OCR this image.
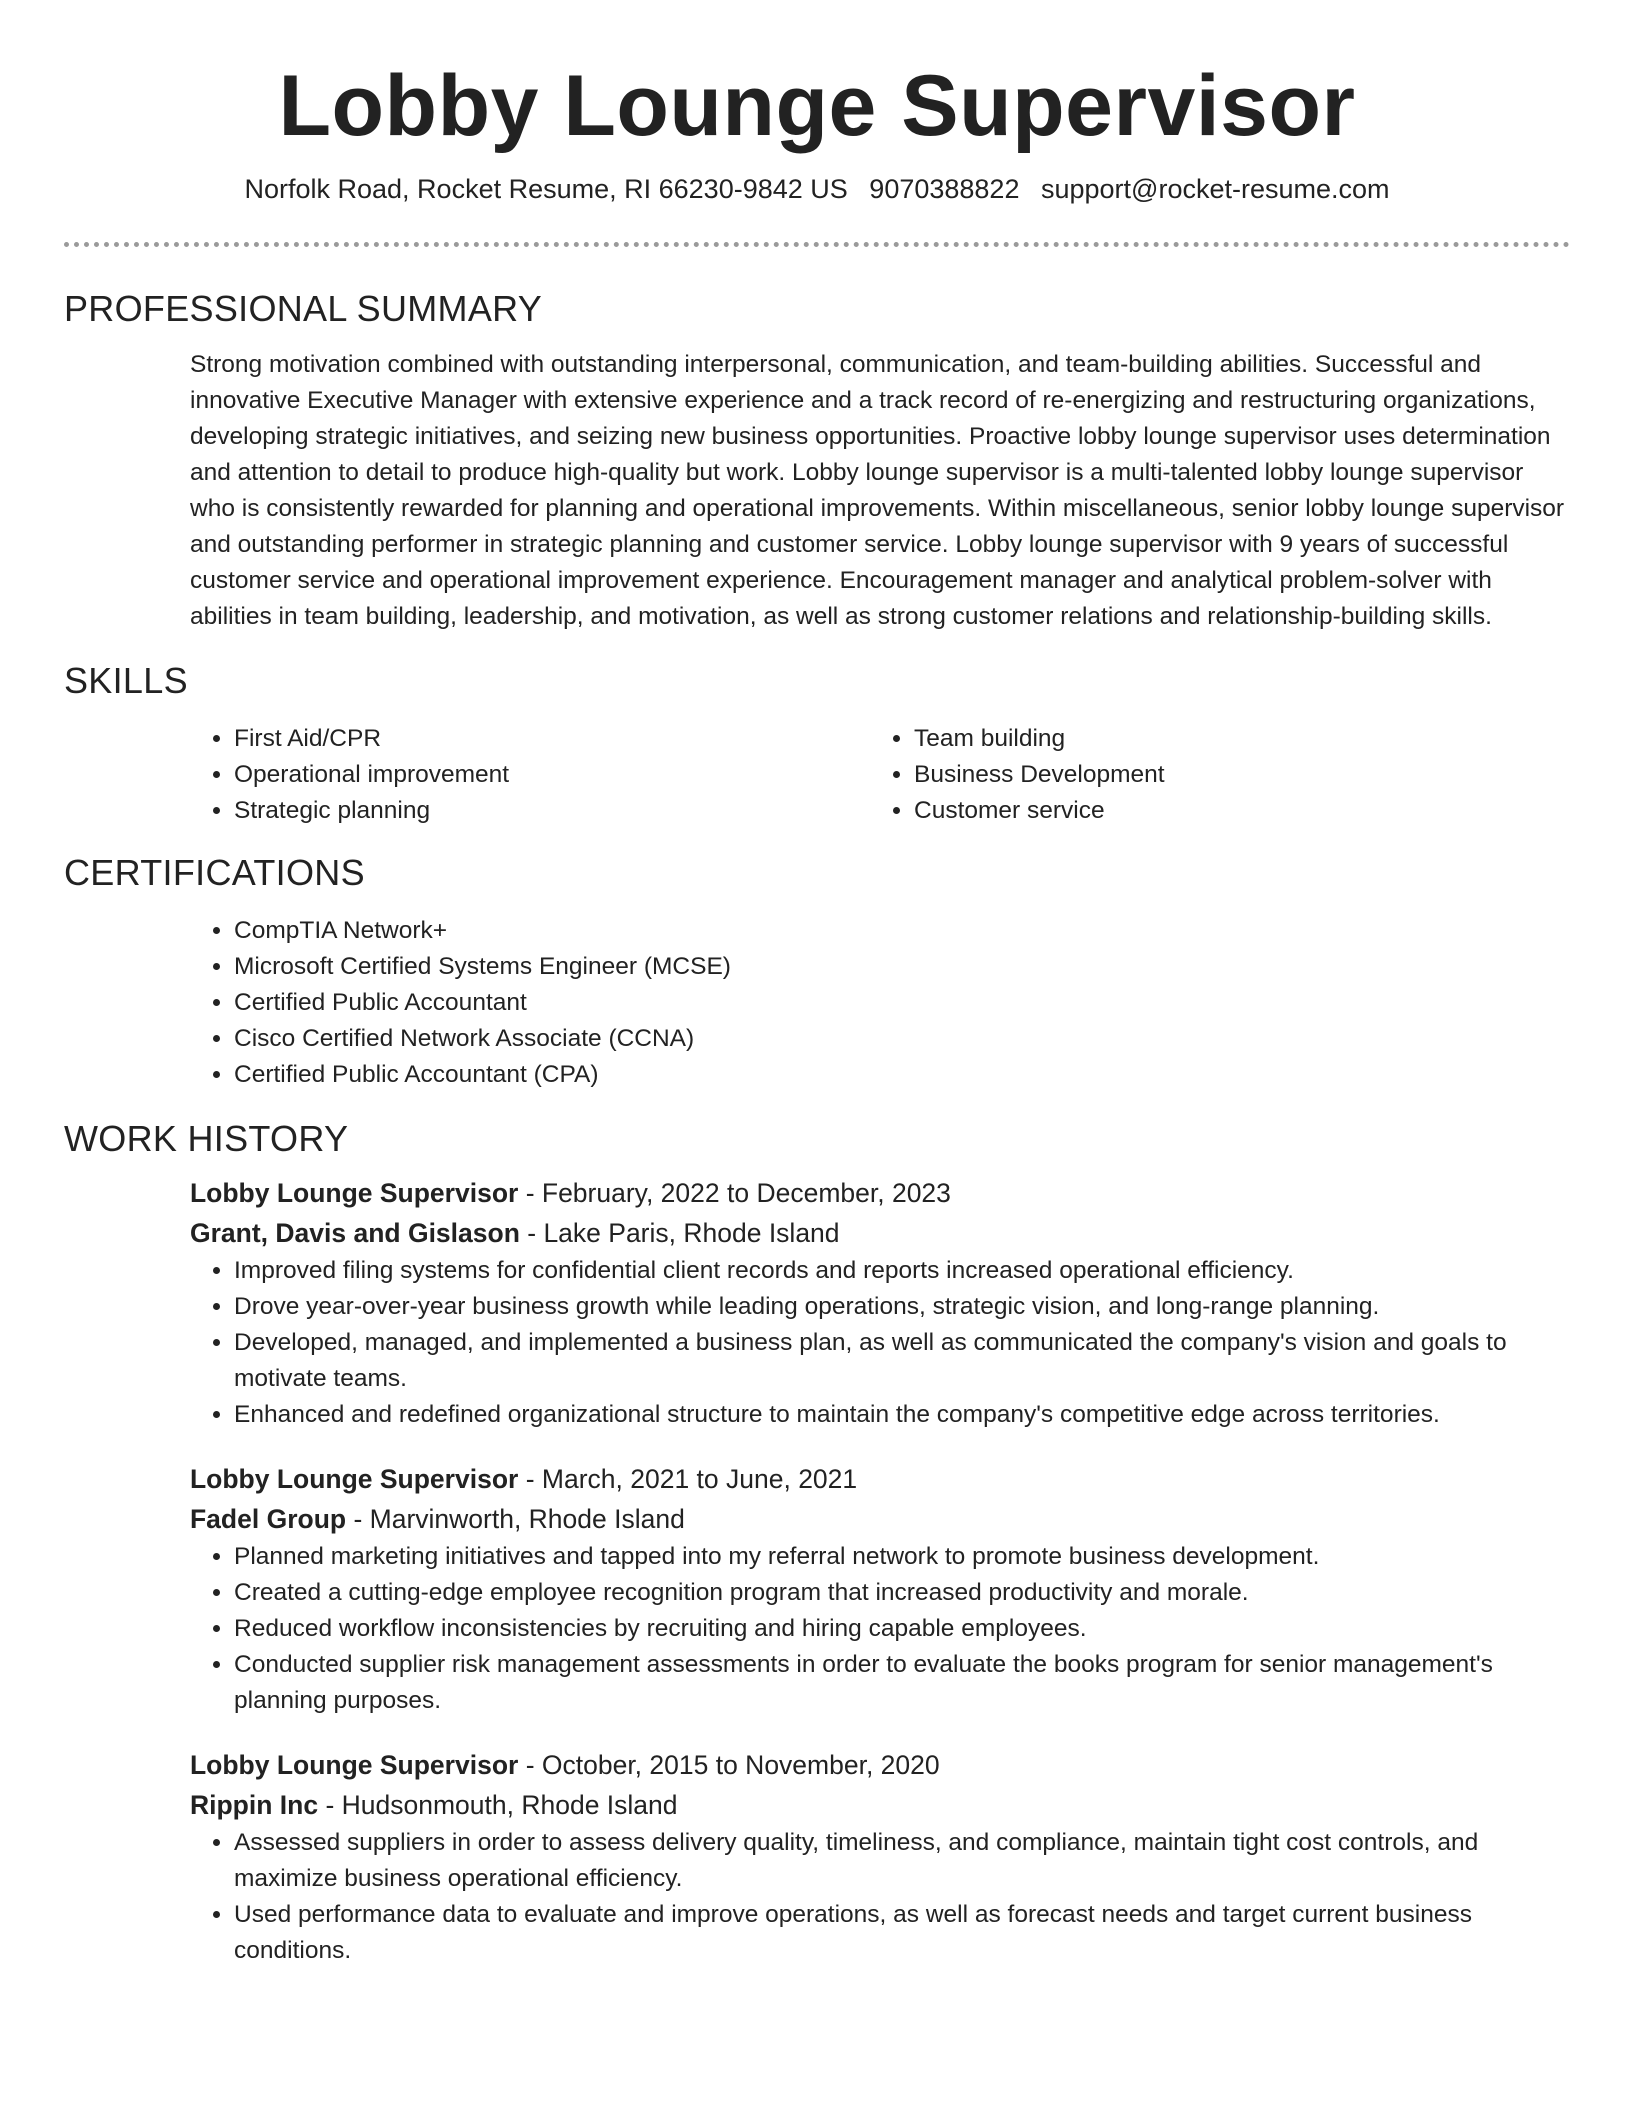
Lobby Lounge Supervisor
Norfolk Road, Rocket Resume, RI 66230-9842 US 9070388822 support@rocket-resume.com
PROFESSIONAL SUMMARY
Strong motivation combined with outstanding interpersonal, communication, and team-building abilities. Successful and innovative Executive Manager with extensive experience and a track record of re-energizing and restructuring organizations, developing strategic initiatives, and seizing new business opportunities. Proactive lobby lounge supervisor uses determination and attention to detail to produce high-quality but work. Lobby lounge supervisor is a multi-talented lobby lounge supervisor who is consistently rewarded for planning and operational improvements. Within miscellaneous, senior lobby lounge supervisor and outstanding performer in strategic planning and customer service. Lobby lounge supervisor with 9 years of successful customer service and operational improvement experience. Encouragement manager and analytical problem-solver with abilities in team building, leadership, and motivation, as well as strong customer relations and relationship-building skills.
SKILLS
• First Aid/CPR
• Operational improvement
• Strategic planning
• Team building
• Business Development
• Customer service
CERTIFICATIONS
• CompTIA Network+
• Microsoft Certified Systems Engineer (MCSE)
• Certified Public Accountant
• Cisco Certified Network Associate (CCNA)
• Certified Public Accountant (CPA)
WORK HISTORY
Lobby Lounge Supervisor - February, 2022 to December, 2023
Grant, Davis and Gislason - Lake Paris, Rhode Island
• Improved filing systems for confidential client records and reports increased operational efficiency.
• Drove year-over-year business growth while leading operations, strategic vision, and long-range planning.
• Developed, managed, and implemented a business plan, as well as communicated the company's vision and goals to motivate teams.
• Enhanced and redefined organizational structure to maintain the company's competitive edge across territories.
Lobby Lounge Supervisor - March, 2021 to June, 2021
Fadel Group - Marvinworth, Rhode Island
• Planned marketing initiatives and tapped into my referral network to promote business development.
• Created a cutting-edge employee recognition program that increased productivity and morale.
• Reduced workflow inconsistencies by recruiting and hiring capable employees.
• Conducted supplier risk management assessments in order to evaluate the books program for senior management's planning purposes.
Lobby Lounge Supervisor - October, 2015 to November, 2020
Rippin Inc - Hudsonmouth, Rhode Island
• Assessed suppliers in order to assess delivery quality, timeliness, and compliance, maintain tight cost controls, and maximize business operational efficiency.
• Used performance data to evaluate and improve operations, as well as forecast needs and target current business conditions.
